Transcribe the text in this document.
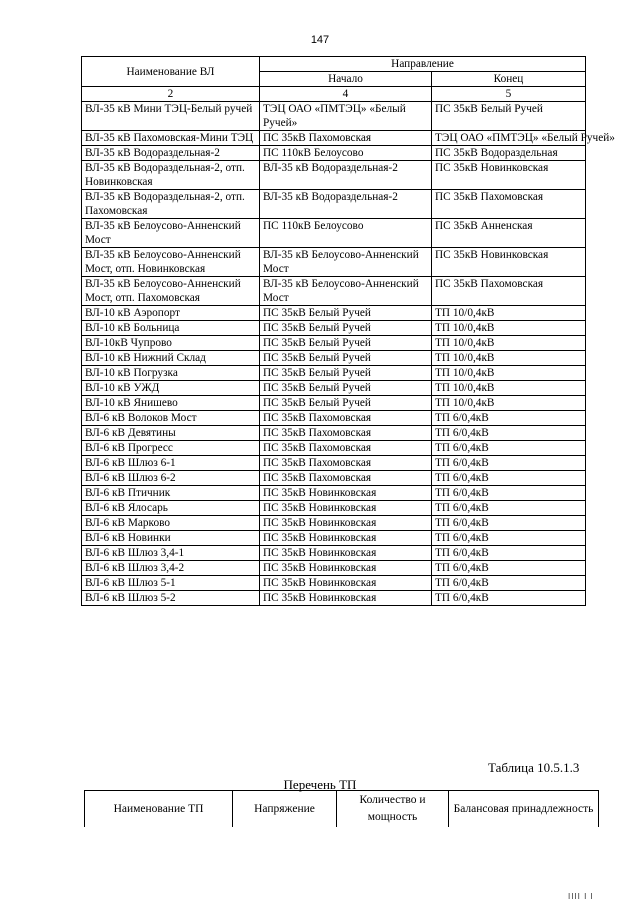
147
Наименование ВЛ	Направление	
	Начало	Конец
2	4	5
ВЛ-35 кВ Мини ТЭЦ-Белый ручей	ТЭЦ ОАО «ПМТЭЦ» «Белый Ручей»	ПС 35кВ Белый Ручей
ВЛ-35 кВ Пахомовская-Мини ТЭЦ	ПС 35кВ Пахомовская	ТЭЦ ОАО «ПМТЭЦ» «Белый Ручей»
ВЛ-35 кВ Водораздельная-2	ПС 110кВ Белоусово	ПС 35кВ Водораздельная
ВЛ-35 кВ Водораздельная-2, отп. Новинковская	ВЛ-35 кВ Водораздельная-2	ПС 35кВ Новинковская
ВЛ-35 кВ Водораздельная-2, отп. Пахомовская	ВЛ-35 кВ Водораздельная-2	ПС 35кВ Пахомовская
ВЛ-35 кВ Белоусово-Анненский Мост	ПС 110кВ Белоусово	ПС 35кВ Анненская
ВЛ-35 кВ Белоусово-Анненский Мост, отп. Новинковская	ВЛ-35 кВ Белоусово-Анненский Мост	ПС 35кВ Новинковская
ВЛ-35 кВ Белоусово-Анненский Мост, отп. Пахомовская	ВЛ-35 кВ Белоусово-Анненский Мост	ПС 35кВ Пахомовская
ВЛ-10 кВ Аэропорт	ПС 35кВ Белый Ручей	ТП 10/0,4кВ
ВЛ-10 кВ Больница	ПС 35кВ Белый Ручей	ТП 10/0,4кВ
ВЛ-10кВ Чупрово	ПС 35кВ Белый Ручей	ТП 10/0,4кВ
ВЛ-10 кВ Нижний Склад	ПС 35кВ Белый Ручей	ТП 10/0,4кВ
ВЛ-10 кВ Погрузка	ПС 35кВ Белый Ручей	ТП 10/0,4кВ
ВЛ-10 кВ УЖД	ПС 35кВ Белый Ручей	ТП 10/0,4кВ
ВЛ-10 кВ Янишево	ПС 35кВ Белый Ручей	ТП 10/0,4кВ
ВЛ-6 кВ Волоков Мост	ПС 35кВ Пахомовская	ТП 6/0,4кВ
ВЛ-6 кВ Девятины	ПС 35кВ Пахомовская	ТП 6/0,4кВ
ВЛ-6 кВ Прогресс	ПС 35кВ Пахомовская	ТП 6/0,4кВ
ВЛ-6 кВ Шлюз 6-1	ПС 35кВ Пахомовская	ТП 6/0,4кВ
ВЛ-6 кВ Шлюз 6-2	ПС 35кВ Пахомовская	ТП 6/0,4кВ
ВЛ-6 кВ Птичник	ПС 35кВ Новинковская	ТП 6/0,4кВ
ВЛ-6 кВ Ялосарь	ПС 35кВ Новинковская	ТП 6/0,4кВ
ВЛ-6 кВ Марково	ПС 35кВ Новинковская	ТП 6/0,4кВ
ВЛ-6 кВ Новинки	ПС 35кВ Новинковская	ТП 6/0,4кВ
ВЛ-6 кВ Шлюз 3,4-1	ПС 35кВ Новинковская	ТП 6/0,4кВ
ВЛ-6 кВ Шлюз 3,4-2	ПС 35кВ Новинковская	ТП 6/0,4кВ
ВЛ-6 кВ Шлюз 5-1	ПС 35кВ Новинковская	ТП 6/0,4кВ
ВЛ-6 кВ Шлюз 5-2	ПС 35кВ Новинковская	ТП 6/0,4кВ
Таблица 10.5.1.3
Перечень ТП
Наименование ТП	Напряжение	Количество и мощность	Балансовая принадлежность
IIII I I
